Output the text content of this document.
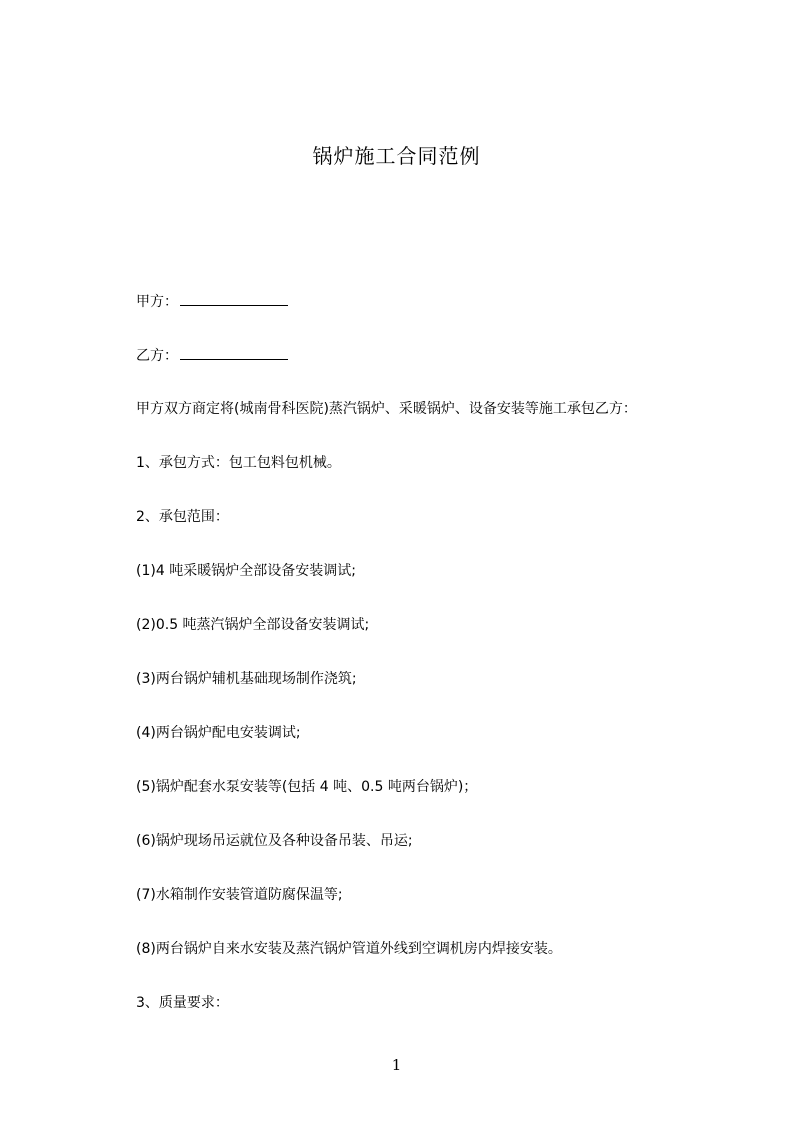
锅炉施工合同范例
甲方：
乙方：
甲方双方商定将(城南骨科医院)蒸汽锅炉、采暖锅炉、设备安装等施工承包乙方：
1、承包方式：包工包料包机械。
2、承包范围：
(1)4 吨采暖锅炉全部设备安装调试;
(2)0.5 吨蒸汽锅炉全部设备安装调试;
(3)两台锅炉辅机基础现场制作浇筑;
(4)两台锅炉配电安装调试;
(5)锅炉配套水泵安装等(包括 4 吨、0.5 吨两台锅炉)；
(6)锅炉现场吊运就位及各种设备吊装、吊运;
(7)水箱制作安装管道防腐保温等;
(8)两台锅炉自来水安装及蒸汽锅炉管道外线到空调机房内焊接安装。
3、质量要求：
1
